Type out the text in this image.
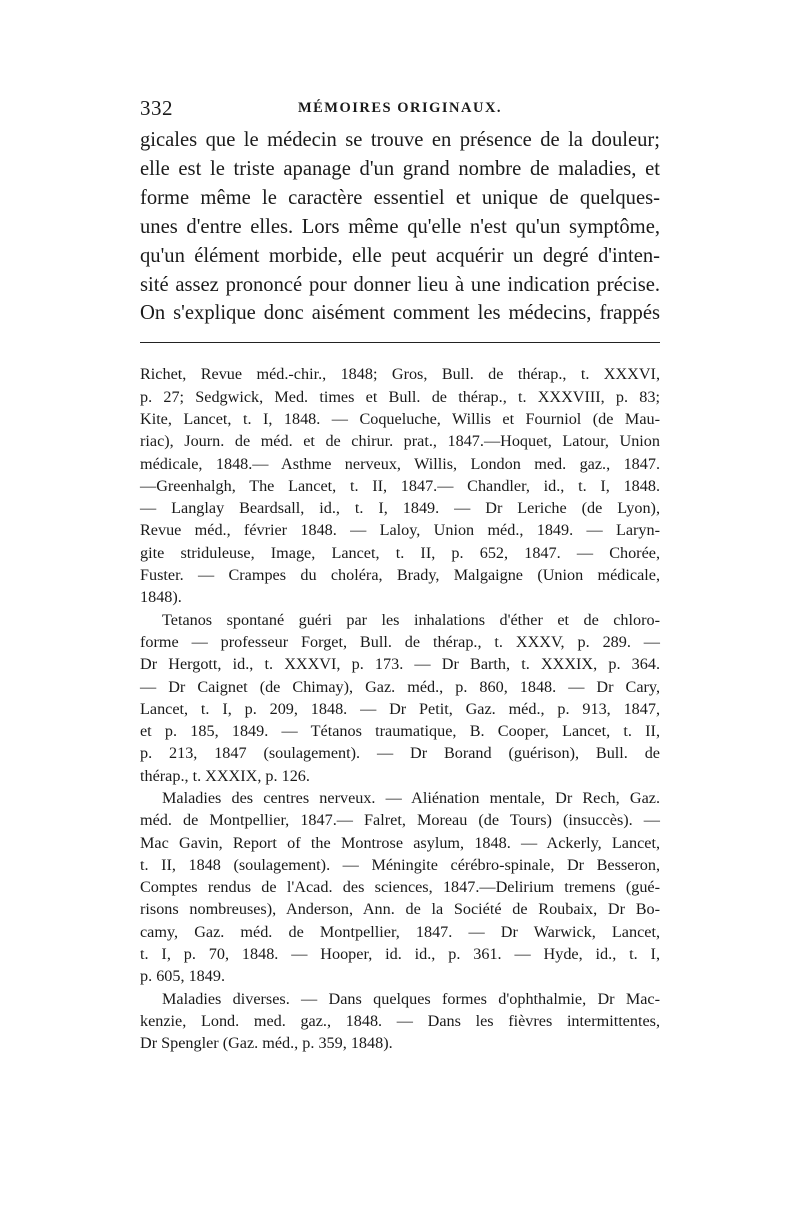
332	MÉMOIRES ORIGINAUX.
gicales que le médecin se trouve en présence de la douleur;
elle est le triste apanage d'un grand nombre de maladies, et
forme même le caractère essentiel et unique de quelques-
unes d'entre elles. Lors même qu'elle n'est qu'un symptôme,
qu'un élément morbide, elle peut acquérir un degré d'inten-
sité assez prononcé pour donner lieu à une indication précise.
On s'explique donc aisément comment les médecins, frappés
Richet, Revue méd.-chir., 1848; Gros, Bull. de thérap., t. XXXVI,
p. 27; Sedgwick, Med. times et Bull. de thérap., t. XXXVIII, p. 83;
Kite, Lancet, t. I, 1848. — Coqueluche, Willis et Fourniol (de Mau-
riac), Journ. de méd. et de chirur. prat., 1847.—Hoquet, Latour, Union
médicale, 1848.— Asthme nerveux, Willis, London med. gaz., 1847.
—Greenhalgh, The Lancet, t. II, 1847.— Chandler, id., t. I, 1848.
— Langlay Beardsall, id., t. I, 1849. — Dr Leriche (de Lyon),
Revue méd., février 1848. — Laloy, Union méd., 1849. — Laryn-
gite striduleuse, Image, Lancet, t. II, p. 652, 1847. — Chorée,
Fuster. — Crampes du choléra, Brady, Malgaigne (Union médicale,
1848).
Tetanos spontané guéri par les inhalations d'éther et de chloro-
forme — professeur Forget, Bull. de thérap., t. XXXV, p. 289. —
Dr Hergott, id., t. XXXVI, p. 173. — Dr Barth, t. XXXIX, p. 364.
— Dr Caignet (de Chimay), Gaz. méd., p. 860, 1848. — Dr Cary,
Lancet, t. I, p. 209, 1848. — Dr Petit, Gaz. méd., p. 913, 1847,
et p. 185, 1849. — Tétanos traumatique, B. Cooper, Lancet, t. II,
p. 213, 1847 (soulagement). — Dr Borand (guérison), Bull. de
thérap., t. XXXIX, p. 126.
Maladies des centres nerveux. — Aliénation mentale, Dr Rech, Gaz.
méd. de Montpellier, 1847.— Falret, Moreau (de Tours) (insuccès). —
Mac Gavin, Report of the Montrose asylum, 1848. — Ackerly, Lancet,
t. II, 1848 (soulagement). — Méningite cérébro-spinale, Dr Besseron,
Comptes rendus de l'Acad. des sciences, 1847.—Delirium tremens (gué-
risons nombreuses), Anderson, Ann. de la Société de Roubaix, Dr Bo-
camy, Gaz. méd. de Montpellier, 1847. — Dr Warwick, Lancet,
t. I, p. 70, 1848. — Hooper, id. id., p. 361. — Hyde, id., t. I,
p. 605, 1849.
Maladies diverses. — Dans quelques formes d'ophthalmie, Dr Mac-
kenzie, Lond. med. gaz., 1848. — Dans les fièvres intermittentes,
Dr Spengler (Gaz. méd., p. 359, 1848).
